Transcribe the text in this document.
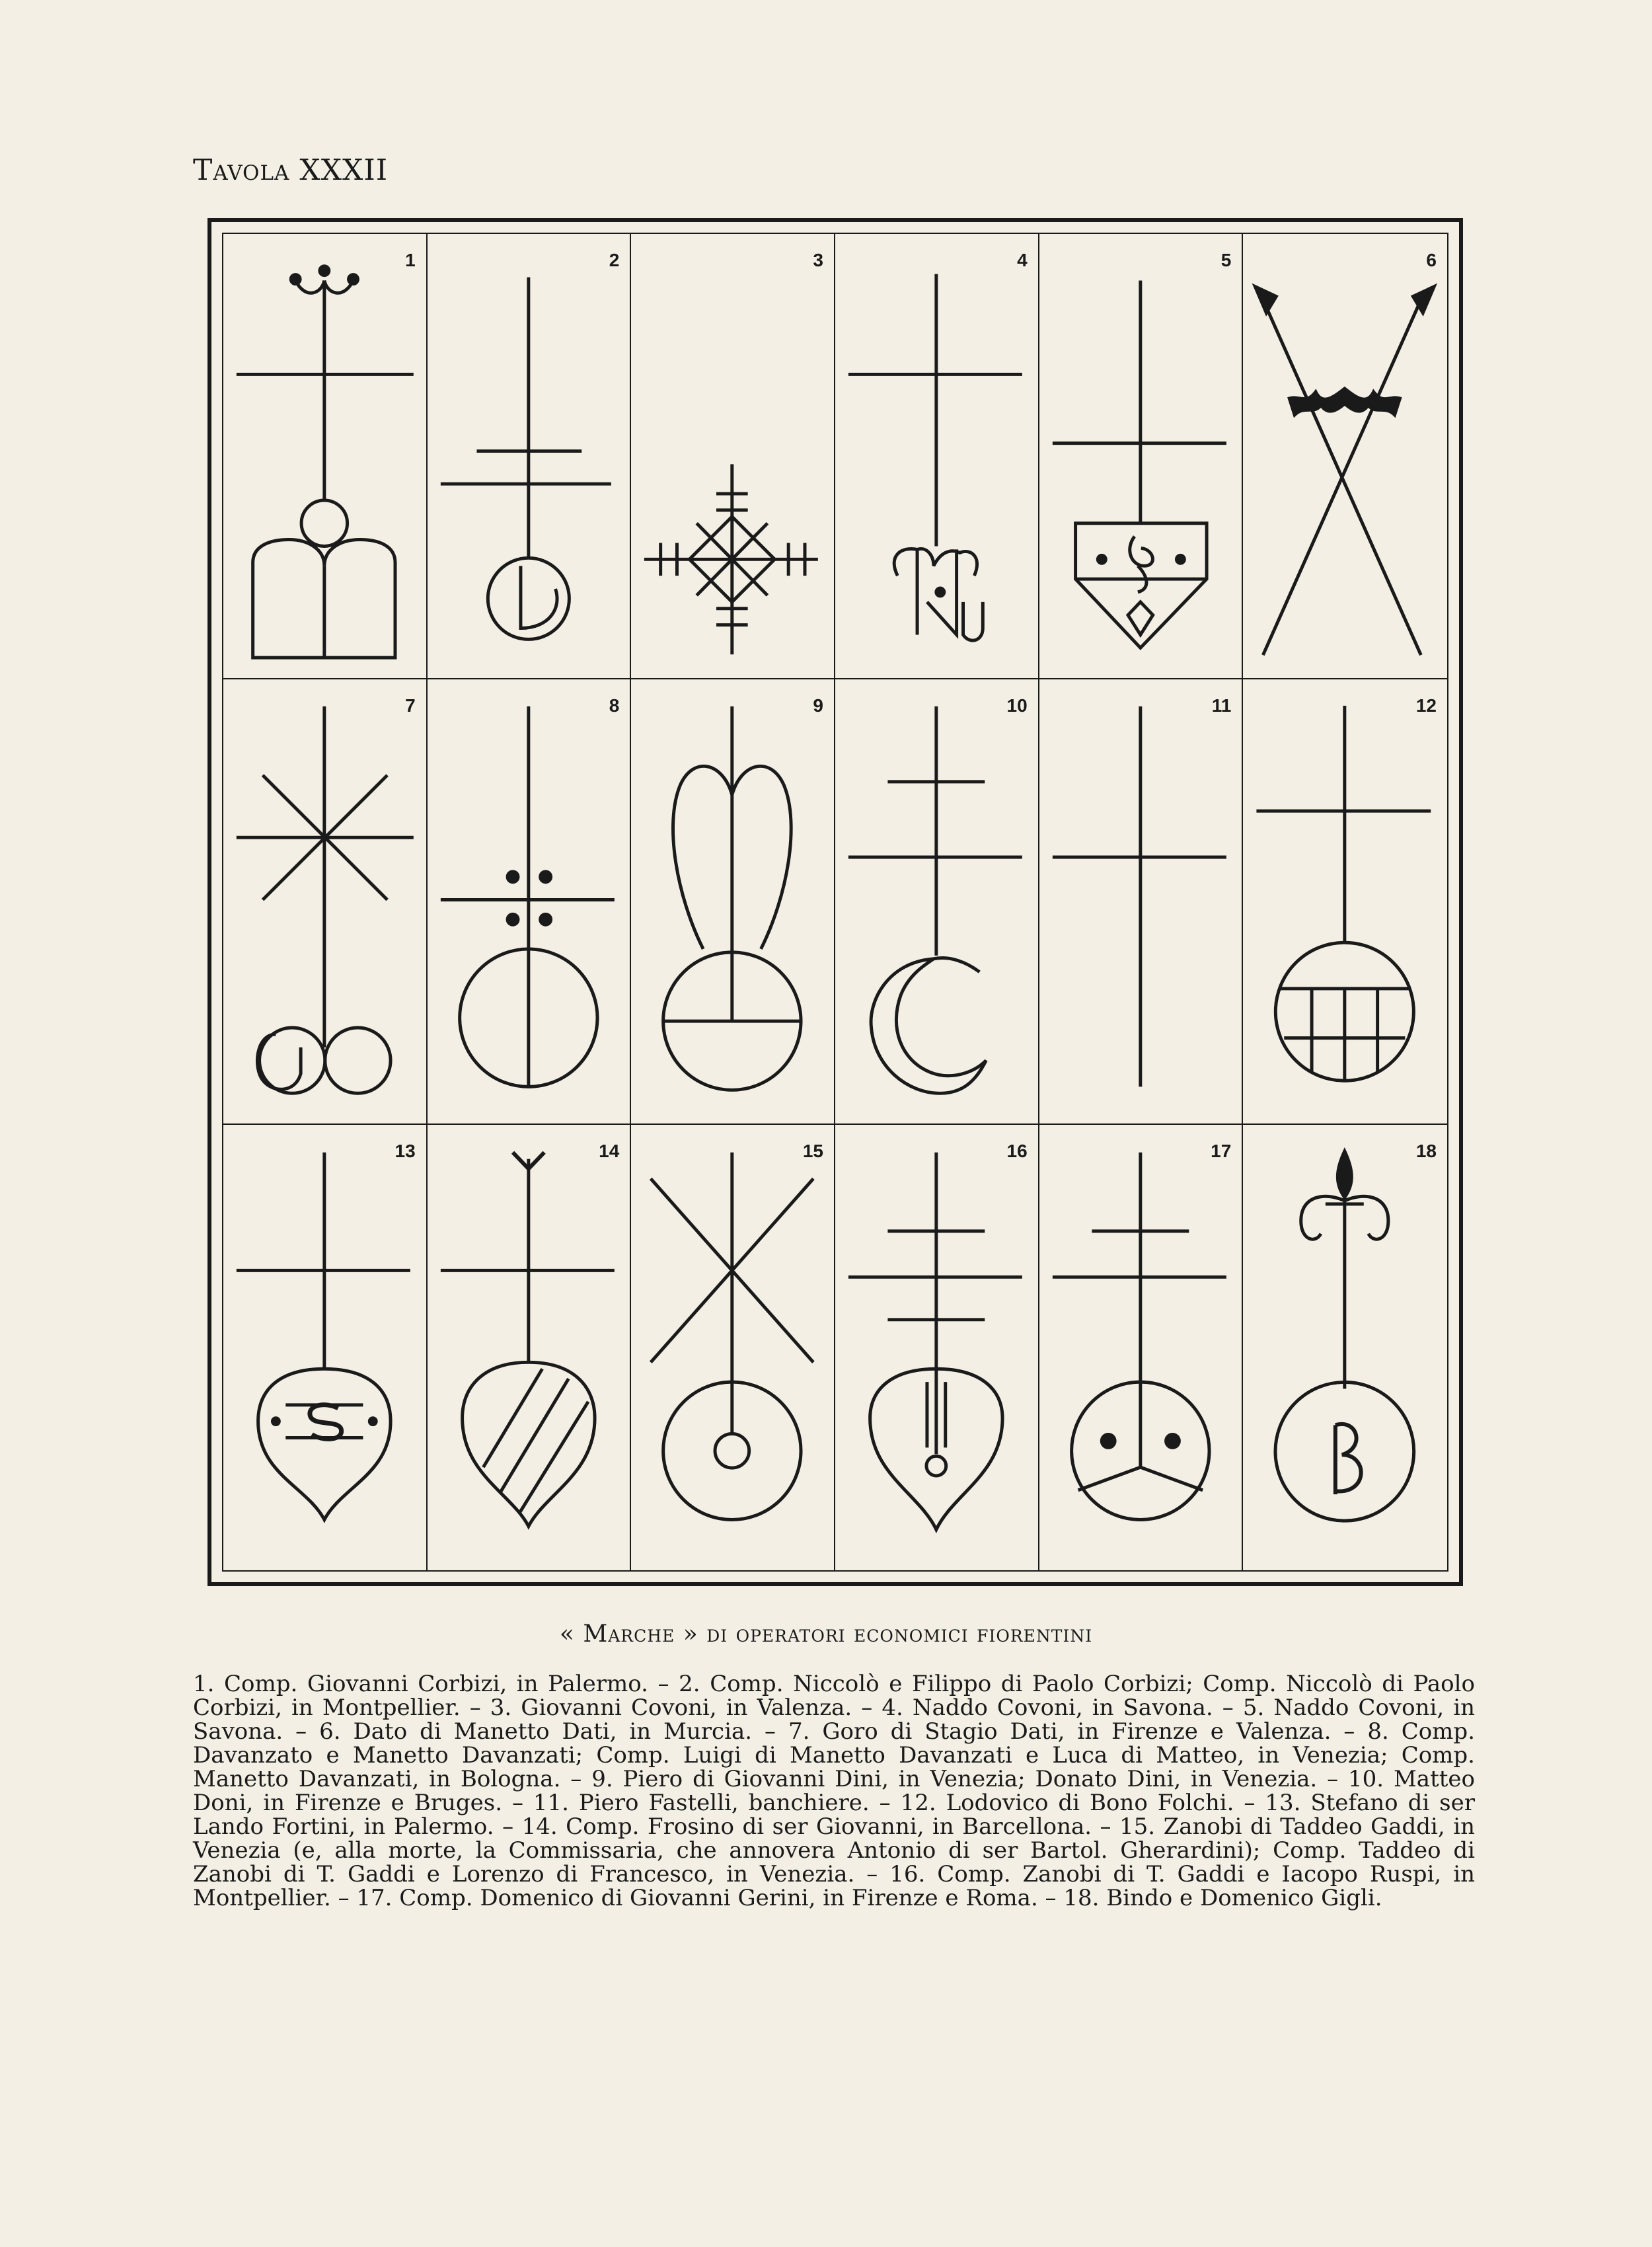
Tavola XXXII
1	2	3	4	5	6
7	8	9	10	11	12
13	14	15	16	17	18
« Marche » di operatori economici fiorentini
1. Comp. Giovanni Corbizi, in Palermo. – 2. Comp. Niccolò e Filippo di Paolo Corbizi; Comp. Niccolò di Paolo Corbizi, in Montpellier. – 3. Giovanni Covoni, in Valenza. – 4. Naddo Covoni, in Savona. – 5. Naddo Covoni, in Savona. – 6. Dato di Manetto Dati, in Murcia. – 7. Goro di Stagio Dati, in Firenze e Valenza. – 8. Comp. Davanzato e Manetto Davanzati; Comp. Luigi di Manetto Davanzati e Luca di Matteo, in Venezia; Comp. Manetto Davanzati, in Bologna. – 9. Piero di Giovanni Dini, in Venezia; Donato Dini, in Venezia. – 10. Matteo Doni, in Firenze e Bruges. – 11. Piero Fastelli, banchiere. – 12. Lodovico di Bono Folchi. – 13. Stefano di ser Lando Fortini, in Palermo. – 14. Comp. Frosino di ser Giovanni, in Barcellona. – 15. Zanobi di Taddeo Gaddi, in Venezia (e, alla morte, la Commissaria, che annovera Antonio di ser Bartol. Gherardini); Comp. Taddeo di Zanobi di T. Gaddi e Lorenzo di Francesco, in Venezia. – 16. Comp. Zanobi di T. Gaddi e Iacopo Ruspi, in Montpellier. – 17. Comp. Domenico di Giovanni Gerini, in Firenze e Roma. – 18. Bindo e Domenico Gigli.
